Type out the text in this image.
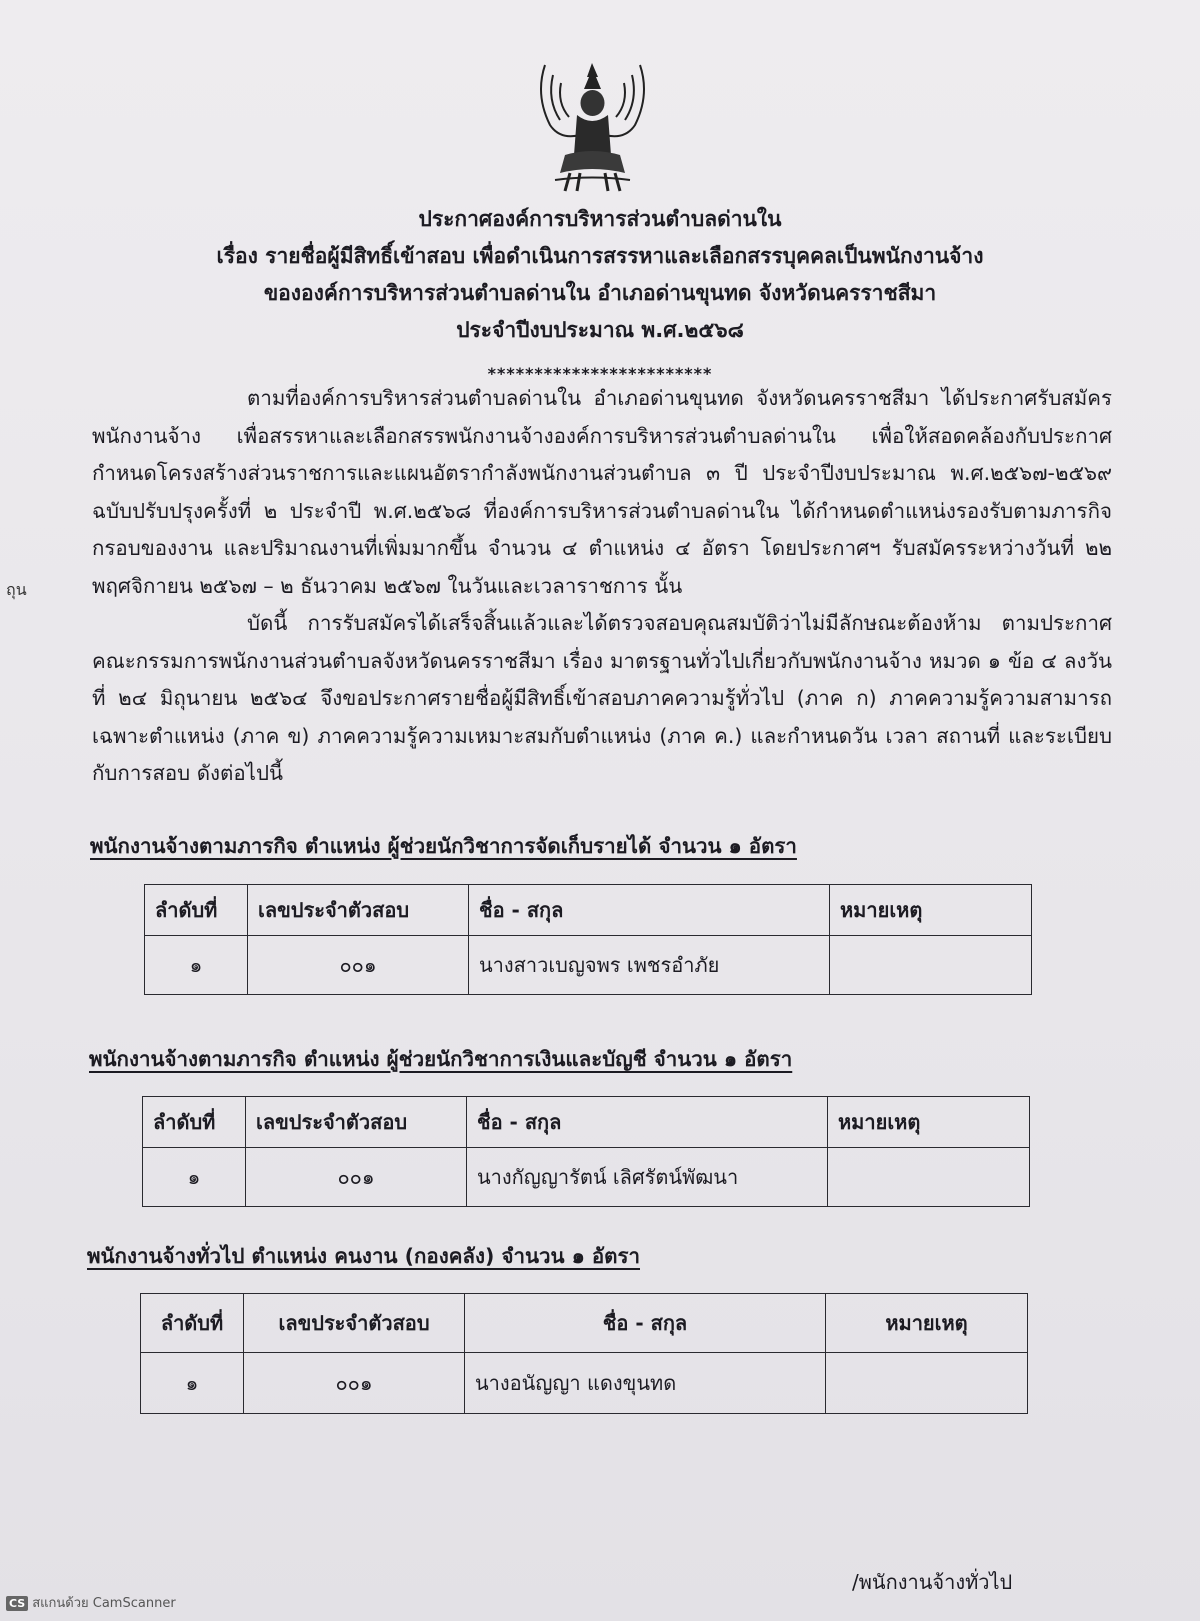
ประกาศองค์การบริหารส่วนตำบลด่านใน
เรื่อง รายชื่อผู้มีสิทธิ์เข้าสอบ เพื่อดำเนินการสรรหาและเลือกสรรบุคคลเป็นพนักงานจ้าง
ขององค์การบริหารส่วนตำบลด่านใน อำเภอด่านขุนทด จังหวัดนครราชสีมา
ประจำปีงบประมาณ พ.ศ.๒๕๖๘
************************

ตามที่องค์การบริหารส่วนตำบลด่านใน อำเภอด่านขุนทด จังหวัดนครราชสีมา ได้ประกาศรับสมัครพนักงานจ้าง เพื่อสรรหาและเลือกสรรพนักงานจ้างองค์การบริหารส่วนตำบลด่านใน เพื่อให้สอดคล้องกับประกาศกำหนดโครงสร้างส่วนราชการและแผนอัตรากำลังพนักงานส่วนตำบล ๓ ปี ประจำปีงบประมาณ พ.ศ.๒๕๖๗-๒๕๖๙ ฉบับปรับปรุงครั้งที่ ๒ ประจำปี พ.ศ.๒๕๖๘ ที่องค์การบริหารส่วนตำบลด่านใน ได้กำหนดตำแหน่งรองรับตามภารกิจกรอบของงาน และปริมาณงานที่เพิ่มมากขึ้น จำนวน ๔ ตำแหน่ง ๔ อัตรา โดยประกาศฯ รับสมัครระหว่างวันที่ ๒๒ พฤศจิกายน ๒๕๖๗ – ๒ ธันวาคม ๒๕๖๗ ในวันและเวลาราชการ นั้น

บัดนี้ การรับสมัครได้เสร็จสิ้นแล้วและได้ตรวจสอบคุณสมบัติว่าไม่มีลักษณะต้องห้าม ตามประกาศคณะกรรมการพนักงานส่วนตำบลจังหวัดนครราชสีมา เรื่อง มาตรฐานทั่วไปเกี่ยวกับพนักงานจ้าง หมวด ๑ ข้อ ๔ ลงวันที่ ๒๔ มิถุนายน ๒๕๖๔ จึงขอประกาศรายชื่อผู้มีสิทธิ์เข้าสอบภาคความรู้ทั่วไป (ภาค ก) ภาคความรู้ความสามารถเฉพาะตำแหน่ง (ภาค ข) ภาคความรู้ความเหมาะสมกับตำแหน่ง (ภาค ค.) และกำหนดวัน เวลา สถานที่ และระเบียบกับการสอบ ดังต่อไปนี้

พนักงานจ้างตามภารกิจ ตำแหน่ง ผู้ช่วยนักวิชาการจัดเก็บรายได้ จำนวน ๑ อัตรา
ลำดับที่	เลขประจำตัวสอบ	ชื่อ - สกุล	หมายเหตุ
๑	๐๐๑	นางสาวเบญจพร เพชรอำภัย	
พนักงานจ้างตามภารกิจ ตำแหน่ง ผู้ช่วยนักวิชาการเงินและบัญชี จำนวน ๑ อัตรา
ลำดับที่	เลขประจำตัวสอบ	ชื่อ - สกุล	หมายเหตุ
๑	๐๐๑	นางกัญญารัตน์ เลิศรัตน์พัฒนา	
พนักงานจ้างทั่วไป ตำแหน่ง คนงาน (กองคลัง) จำนวน ๑ อัตรา
ลำดับที่	เลขประจำตัวสอบ	ชื่อ - สกุล	หมายเหตุ
๑	๐๐๑	นางอนัญญา แดงขุนทด	
/พนักงานจ้างทั่วไป
ถุน
CS สแกนด้วย CamScanner
